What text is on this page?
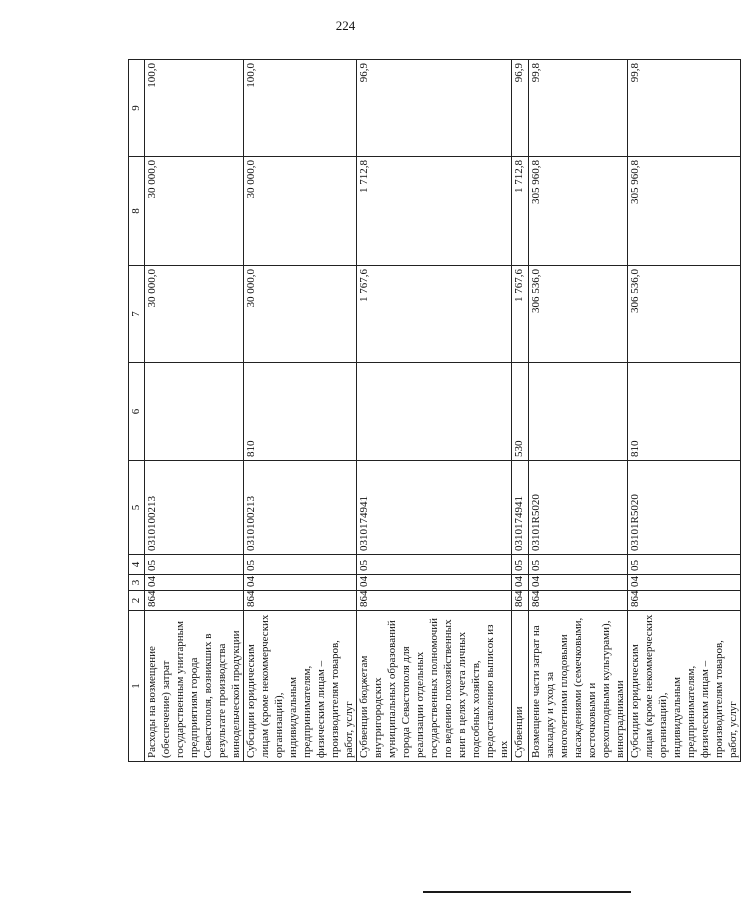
224
1	2	3	4	5	6	7	8	9
Расходы на возмещение (обеспечение) затрат государственным унитарным предприятиям города Севастополя, возникших в результате производства винодельческой продукции	864	04	05	0310100213		30 000,0	30 000,0	100,0
Субсидии юридическим лицам (кроме некоммерческих организаций), индивидуальным предпринимателям, физическим лицам – производителям товаров, работ, услуг	864	04	05	0310100213	810	30 000,0	30 000,0	100,0
Субвенции бюджетам внутригородских муниципальных образований города Севастополя для реализации отдельных государственных полномочий по ведению похозяйственных книг в целях учета личных подсобных хозяйств, предоставлению выписок из них	864	04	05	0310174941		1 767,6	1 712,8	96,9
Субвенции	864	04	05	0310174941	530	1 767,6	1 712,8	96,9
Возмещение части затрат на закладку и уход за многолетними плодовыми насаждениями (семечковыми, косточковыми и орехоплодными культурами), виноградниками	864	04	05	03101R5020		306 536,0	305 960,8	99,8
Субсидии юридическим лицам (кроме некоммерческих организаций), индивидуальным предпринимателям, физическим лицам – производителям товаров, работ, услуг	864	04	05	03101R5020	810	306 536,0	305 960,8	99,8
